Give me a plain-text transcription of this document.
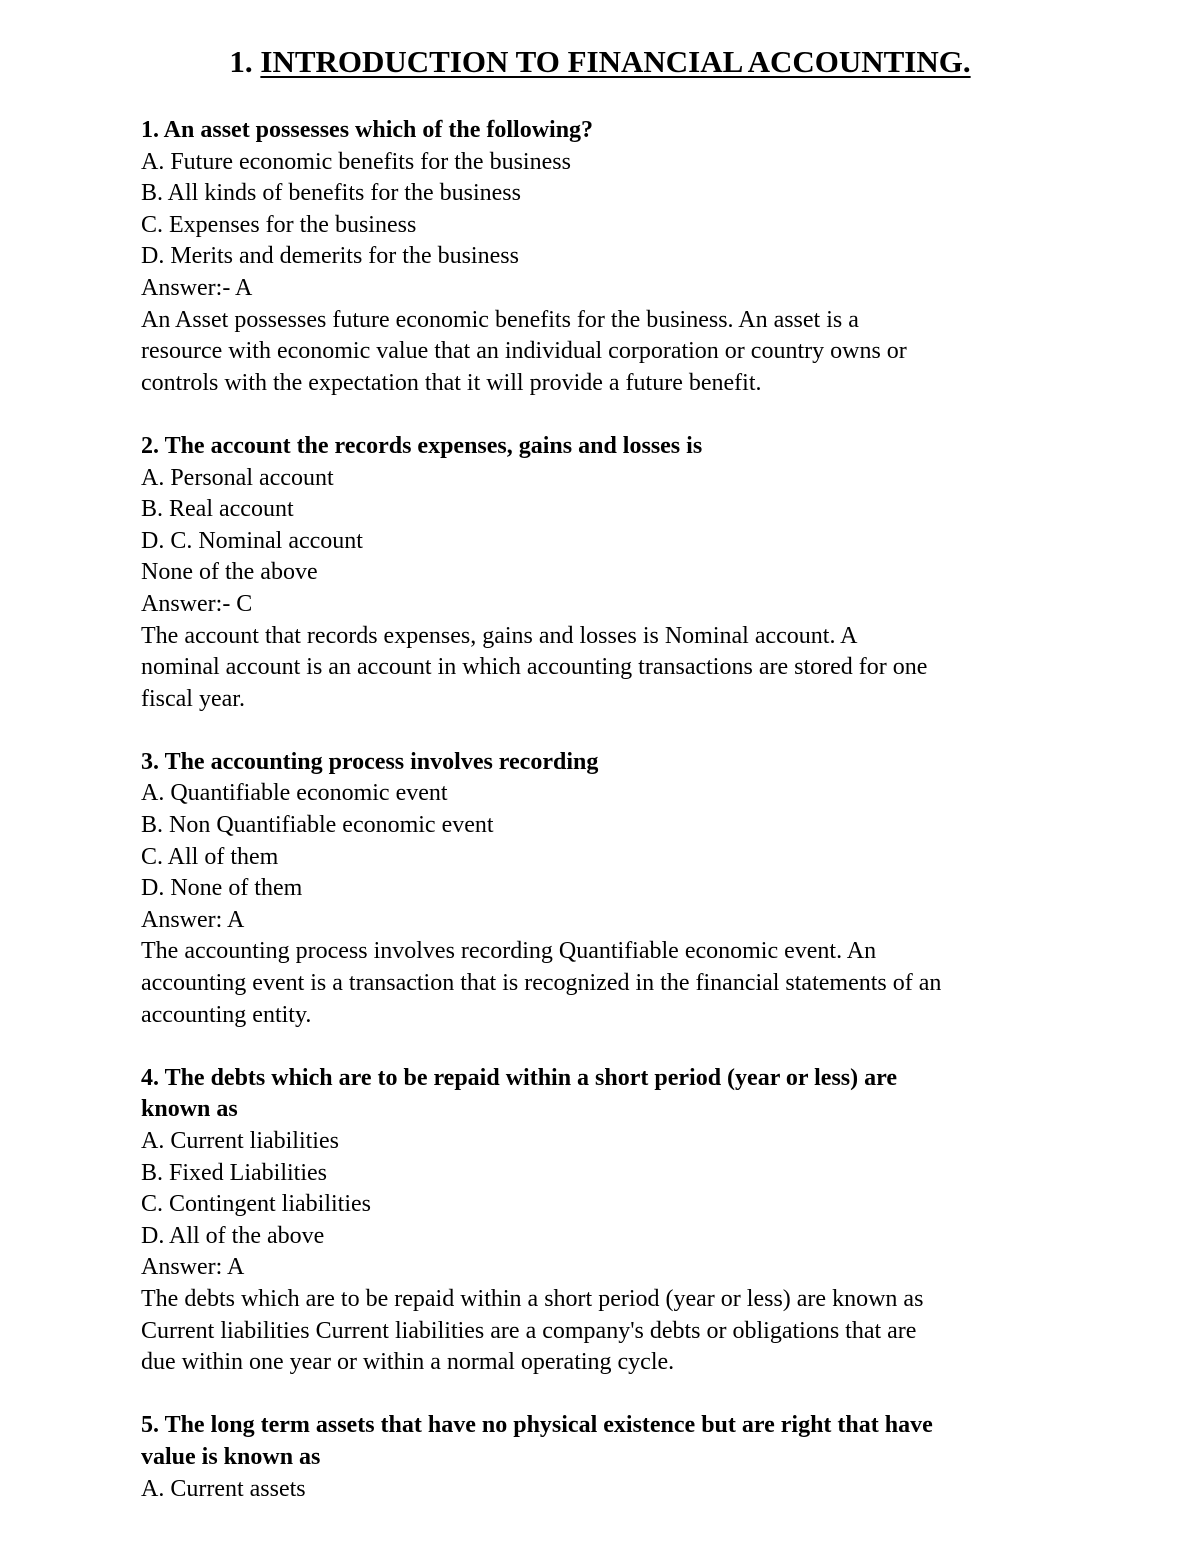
1. INTRODUCTION TO FINANCIAL ACCOUNTING.

1. An asset possesses which of the following?

A. Future economic benefits for the business

B. All kinds of benefits for the business

C. Expenses for the business

D. Merits and demerits for the business

Answer:- A

An Asset possesses future economic benefits for the business. An asset is a

resource with economic value that an individual corporation or country owns or

controls with the expectation that it will provide a future benefit.

2. The account the records expenses, gains and losses is

A. Personal account

B. Real account

D. C. Nominal account

None of the above

Answer:- C

The account that records expenses, gains and losses is Nominal account. A

nominal account is an account in which accounting transactions are stored for one

fiscal year.

3. The accounting process involves recording

A. Quantifiable economic event

B. Non Quantifiable economic event

C. All of them

D. None of them

Answer: A

The accounting process involves recording Quantifiable economic event. An

accounting event is a transaction that is recognized in the financial statements of an

accounting entity.

4. The debts which are to be repaid within a short period (year or less) are

known as

A. Current liabilities

B. Fixed Liabilities

C. Contingent liabilities

D. All of the above

Answer: A

The debts which are to be repaid within a short period (year or less) are known as

Current liabilities Current liabilities are a company's debts or obligations that are

due within one year or within a normal operating cycle.

5. The long term assets that have no physical existence but are right that have

value is known as

A. Current assets
